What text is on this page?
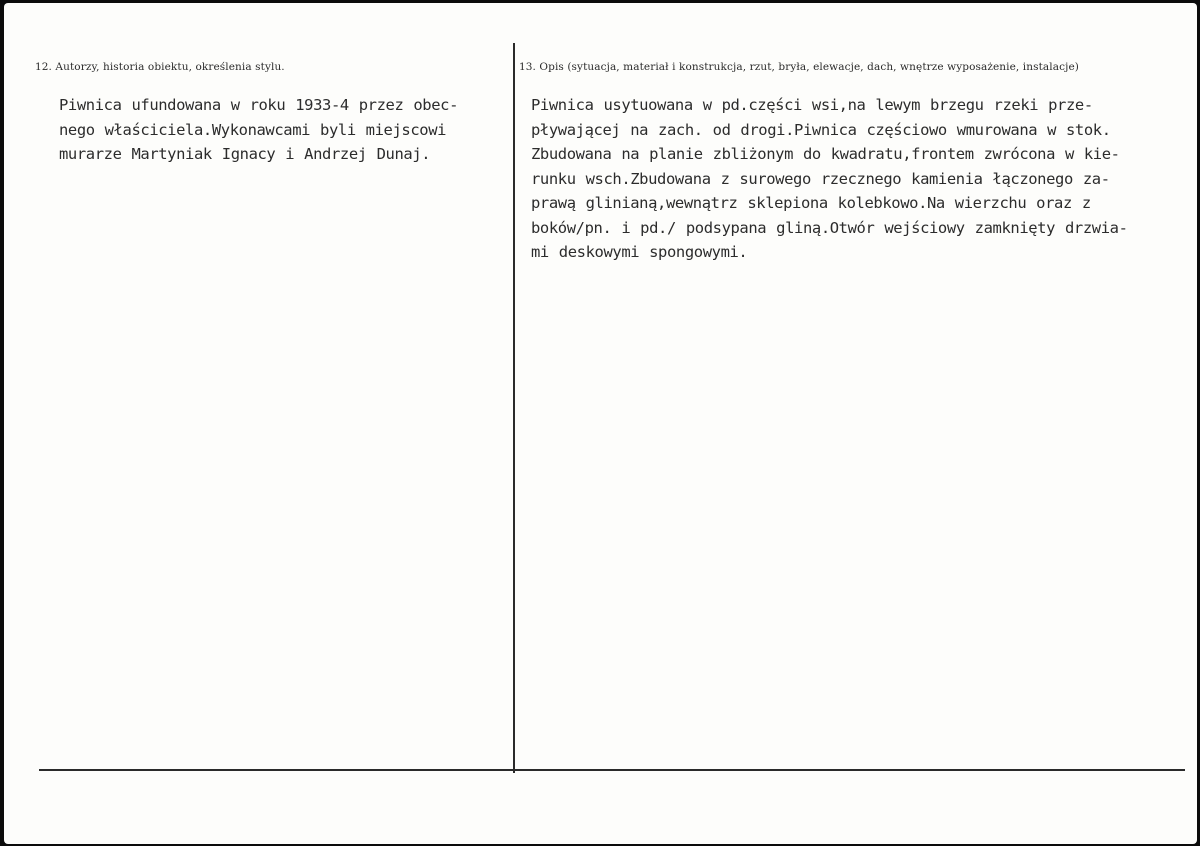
12. Autorzy, historia obiektu, określenia stylu.	13. Opis (sytuacja, materiał i konstrukcja, rzut, bryła, elewacje, dach, wnętrze wyposażenie, instalacje)
Piwnica ufundowana w roku 1933-4 przez obec-
nego właściciela.Wykonawcami byli miejscowi
murarze Martyniak Ignacy i Andrzej Dunaj.
Piwnica usytuowana w pd.części wsi,na lewym brzegu rzeki prze-
pływającej na zach. od drogi.Piwnica częściowo wmurowana w stok.
Zbudowana na planie zbliżonym do kwadratu,frontem zwrócona w kie-
runku wsch.Zbudowana z surowego rzecznego kamienia łączonego za-
prawą glinianą,wewnątrz sklepiona kolebkowo.Na wierzchu oraz z
boków/pn. i pd./ podsypana gliną.Otwór wejściowy zamknięty drzwia-
mi deskowymi spongowymi.
